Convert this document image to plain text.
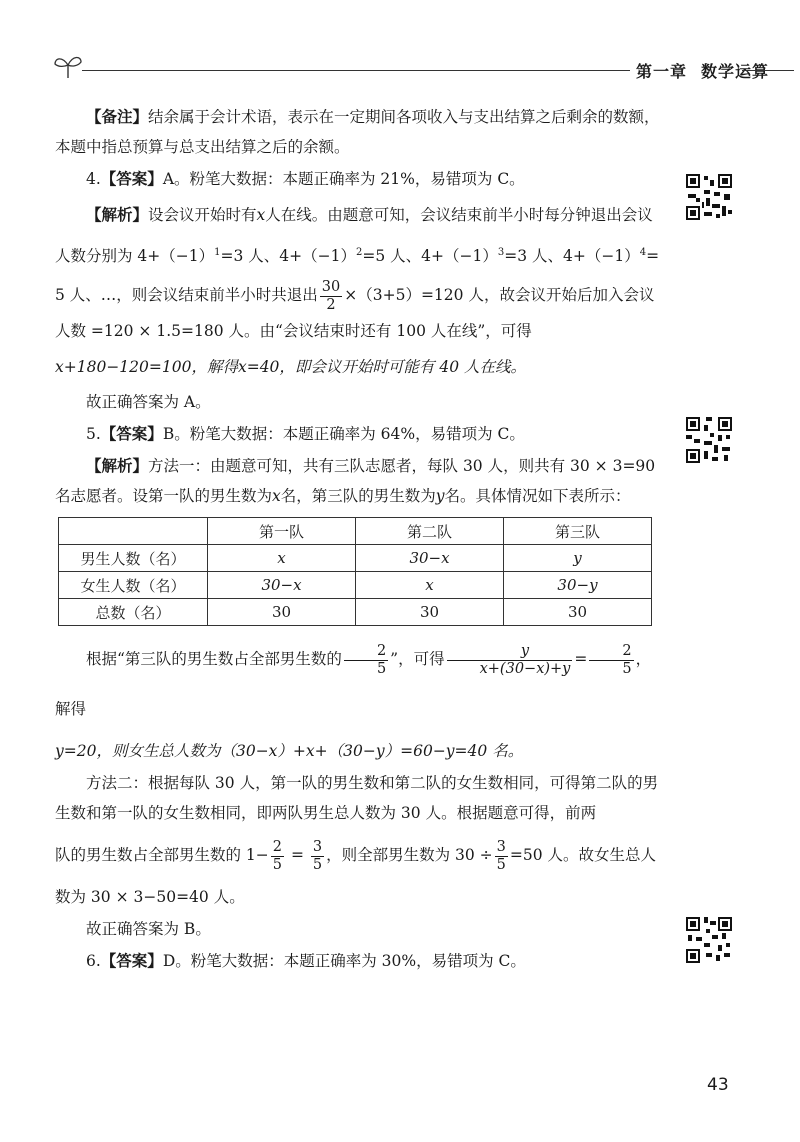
第一章 数学运算

【备注】结余属于会计术语，表示在一定期间各项收入与支出结算之后剩余的数额，本题中指总预算与总支出结算之后的余额。

4.【答案】A。粉笔大数据：本题正确率为 21%，易错项为 C。

【解析】设会议开始时有x人在线。由题意可知，会议结束前半小时每分钟退出会议人数分别为 $4+(-1)^1=3$ 人、$4+(-1)^2=5$ 人、$4+(-1)^3=3$ 人、$4+(-1)^4=$

5 人、…，则会议结束前半小时共退出 $\frac{30}{2} \times(3+5)=120$ 人，故会议开始后加入会议人数 =120 × 1.5=180 人。由“会议结束时还有 100 人在线”，可得x+180−120=100，解得x=40，即会议开始时可能有 40 人在线。

故正确答案为 A。

5.【答案】B。粉笔大数据：本题正确率为 64%，易错项为 C。

【解析】方法一：由题意可知，共有三队志愿者，每队 30 人，则共有 30 × 3=90 名志愿者。设第一队的男生数为x名，第三队的男生数为y名。具体情况如下表所示：

	第一队	第二队	第三队
男生人数（名）	x	30−x	y
女生人数（名）	30−x	x	30−y
总数（名）	30	30	30

根据“第三队的男生数占全部男生数的 $\frac{2}{5}$ ”，可得 $\frac{y}{x+(30-x)+y} = \frac{2}{5}$ ，解得

y=20，则女生总人数为（30−x）+x+（30−y）=60−y=40 名。

方法二：根据每队 30 人，第一队的男生数和第二队的女生数相同，可得第二队的男生数和第一队的女生数相同，即两队男生总人数为 30 人。根据题意可得，前两

队的男生数占全部男生数的 $1- \frac{2}{5} = \frac{3}{5}$ ，则全部男生数为 $30 \div \frac{3}{5} =50$ 人。故女生总人

数为 30 × 3−50=40 人。

故正确答案为 B。

6.【答案】D。粉笔大数据：本题正确率为 30%，易错项为 C。

43
